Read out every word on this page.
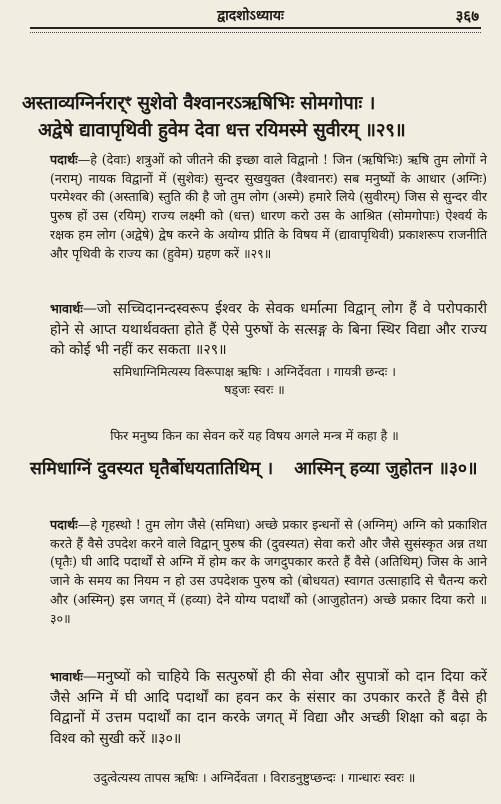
द्वादशोऽध्यायः	३६७
अस्ताव्यग्निर्नरार्ꣳ सुशेवो वैश्वानरऽऋषिभिः सोमगोपाः ।
अद्वेषे द्यावापृथिवी हुवेम देवा धत्त रयिमस्मे सुवीरम् ॥२९॥
पदार्थः—हे (देवाः) शत्रुओं को जीतने की इच्छा वाले विद्वानो ! जिन (ऋषिभिः) ऋषि तुम लोगों ने (नराम्) नायक विद्वानों में (सुशेवः) सुन्दर सुखयुक्त (वैश्वानरः) सब मनुष्यों के आधार (अग्निः) परमेश्वर की (अस्ताबि) स्तुति की है जो तुम लोग (अस्मे) हमारे लिये (सुवीरम्) जिस से सुन्दर वीर पुरुष हों उस (रयिम्) राज्य लक्ष्मी को (धत्त) धारण करो उस के आश्रित (सोमगोपाः) ऐश्वर्य के रक्षक हम लोग (अद्वेषे) द्वेष करने के अयोग्य प्रीति के विषय में (द्यावापृथिवी) प्रकाशरूप राजनीति और पृथिवी के राज्य का (हुवेम) ग्रहण करें ॥२९॥
भावार्थः—जो सच्चिदानन्दस्वरूप ईश्वर के सेवक धर्मात्मा विद्वान् लोग हैं वे परोपकारी होने से आप्त यथार्थवक्ता होते हैं ऐसे पुरुषों के सत्सङ्ग के बिना स्थिर विद्या और राज्य को कोई भी नहीं कर सकता ॥२९॥
समिधाग्निमित्यस्य विरूपाक्ष ऋषिः । अग्निर्देवता । गायत्री छन्दः ।
षड्जः स्वरः ॥
फिर मनुष्य किन का सेवन करें यह विषय अगले मन्त्र में कहा है ॥
समिधाग्निं दुवस्यत घृतैर्बोधयतातिथिम् । आस्मिन् हव्या जुहोतन ॥३०॥
पदार्थः—हे गृहस्थो ! तुम लोग जैसे (समिधा) अच्छे प्रकार इन्धनों से (अग्निम्) अग्नि को प्रकाशित करते हैं वैसे उपदेश करने वाले विद्वान् पुरुष की (दुवस्यत) सेवा करो और जैसे सुसंस्कृत अन्न तथा (घृतैः) घी आदि पदार्थों से अग्नि में होम कर के जगदुपकार करते हैं वैसे (अतिथिम्) जिस के आने जाने के समय का नियम न हो उस उपदेशक पुरुष को (बोधयत) स्वागत उत्साहादि से चैतन्य करो और (अस्मिन्) इस जगत् में (हव्या) देने योग्य पदार्थों को (आजुहोतन) अच्छे प्रकार दिया करो ॥३०॥
भावार्थः—मनुष्यों को चाहिये कि सत्पुरुषों ही की सेवा और सुपात्रों को दान दिया करें जैसे अग्नि में घी आदि पदार्थों का हवन कर के संसार का उपकार करते हैं वैसे ही विद्वानों में उत्तम पदार्थों का दान करके जगत् में विद्या और अच्छी शिक्षा को बढ़ा के विश्व को सुखी करें ॥३०॥
उदुत्वेत्यस्य तापस ऋषिः । अग्निर्देवता । विराडनुष्टुप्छन्दः । गान्धारः स्वरः ॥
